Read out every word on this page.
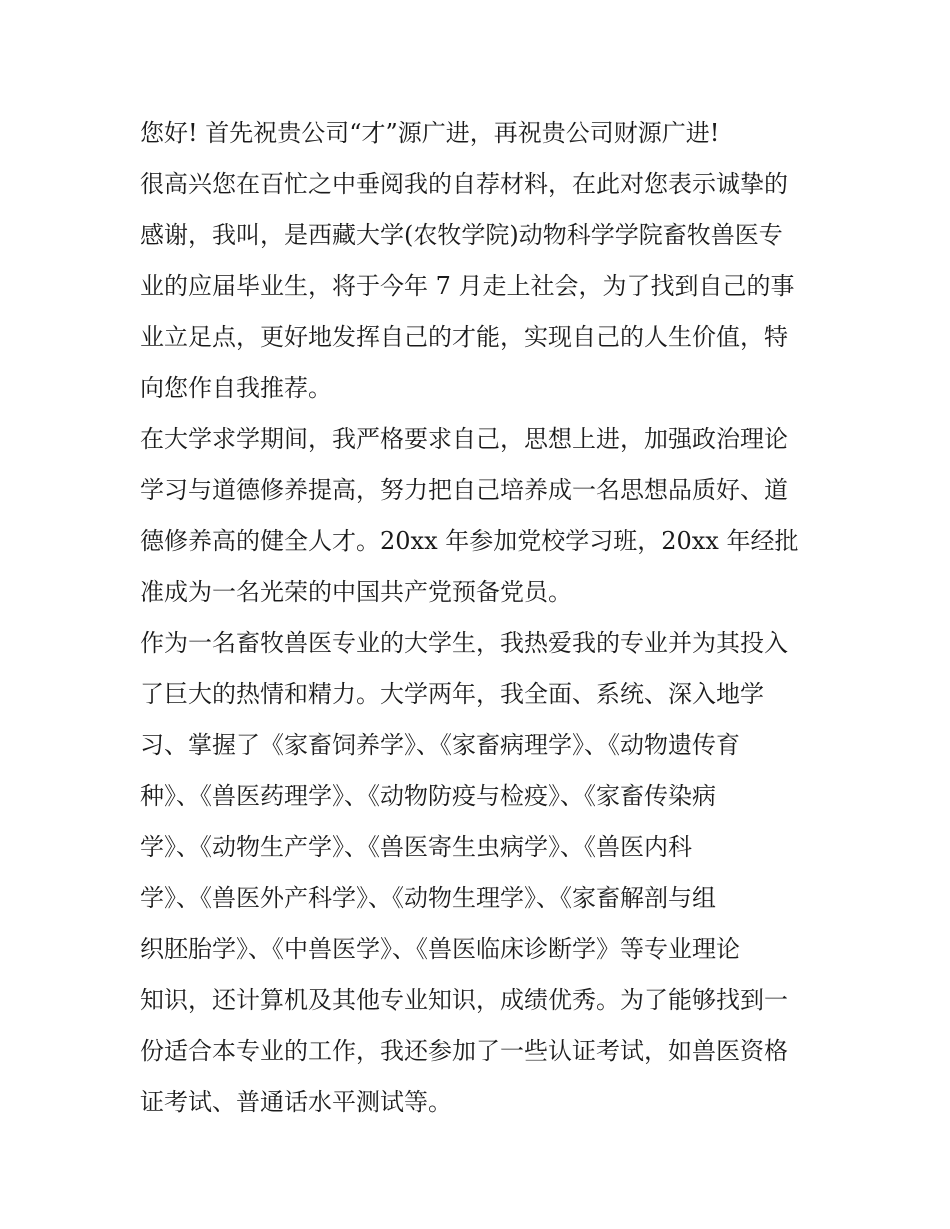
您好! 首先祝贵公司“才”源广进，再祝贵公司财源广进!
很高兴您在百忙之中垂阅我的自荐材料，在此对您表示诚挚的
感谢，我叫，是西藏大学(农牧学院)动物科学学院畜牧兽医专
业的应届毕业生，将于今年 7 月走上社会，为了找到自己的事
业立足点，更好地发挥自己的才能，实现自己的人生价值，特
向您作自我推荐。
在大学求学期间，我严格要求自己，思想上进，加强政治理论
学习与道德修养提高，努力把自己培养成一名思想品质好、道
德修养高的健全人才。20xx 年参加党校学习班，20xx 年经批
准成为一名光荣的中国共产党预备党员。
作为一名畜牧兽医专业的大学生，我热爱我的专业并为其投入
了巨大的热情和精力。大学两年，我全面、系统、深入地学
习、掌握了《家畜饲养学》、《家畜病理学》、《动物遗传育
种》、《兽医药理学》、《动物防疫与检疫》、《家畜传染病
学》、《动物生产学》、《兽医寄生虫病学》、《兽医内科
学》、《兽医外产科学》、《动物生理学》、《家畜解剖与组
织胚胎学》、《中兽医学》、《兽医临床诊断学》等专业理论
知识，还计算机及其他专业知识，成绩优秀。为了能够找到一
份适合本专业的工作，我还参加了一些认证考试，如兽医资格
证考试、普通话水平测试等。
